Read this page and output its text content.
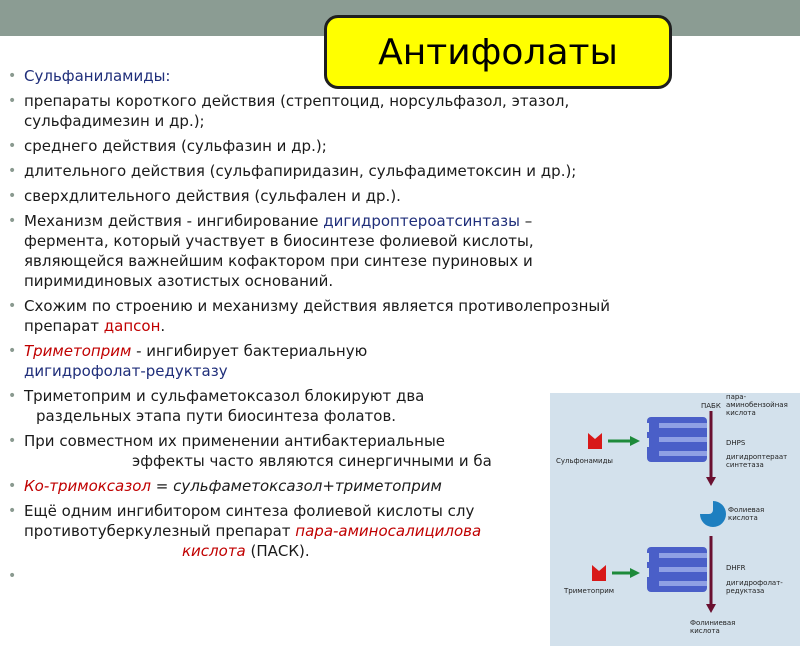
Антифолаты
• Сульфаниламиды:
• препараты короткого действия (стрептоцид, норсульфазол, этазол,
сульфадимезин и др.);
• среднего действия (сульфазин и др.);
• длительного действия (сульфапиридазин, сульфадиметоксин и др.);
• сверхдлительного действия (сульфален и др.).
• Механизм действия - ингибирование дигидроптероатсинтазы –
фермента, который участвует в биосинтезе фолиевой кислоты,
являющейся важнейшим кофактором при синтезе пуриновых и
пиримидиновых азотистых оснований.
• Схожим по строению и механизму действия является противолепрозный
препарат дапсон.
• Триметоприм - ингибирует бактериальную
дигидрофолат-редуктазу
• Триметоприм и сульфаметоксазол блокируют два
раздельных этапа пути биосинтеза фолатов.
• При совместном их применении антибактериальные
эффекты часто являются синергичными и ба
• Ко-тримоксазол = сульфаметоксазол+триметоприм
• Ещё одним ингибитором синтеза фолиевой кислоты слу
противотуберкулезный препарат пара-аминосалицилова
кислота (ПАСК).
•
ПАБК
пара-
аминобензойная
кислота
DHPS
дигидроптераат
синтетаза
Сульфонамиды
Фолиевая
кислота
DHFR
дигидрофолат-
редуктаза
Триметоприм
Фолиниевая
кислота
